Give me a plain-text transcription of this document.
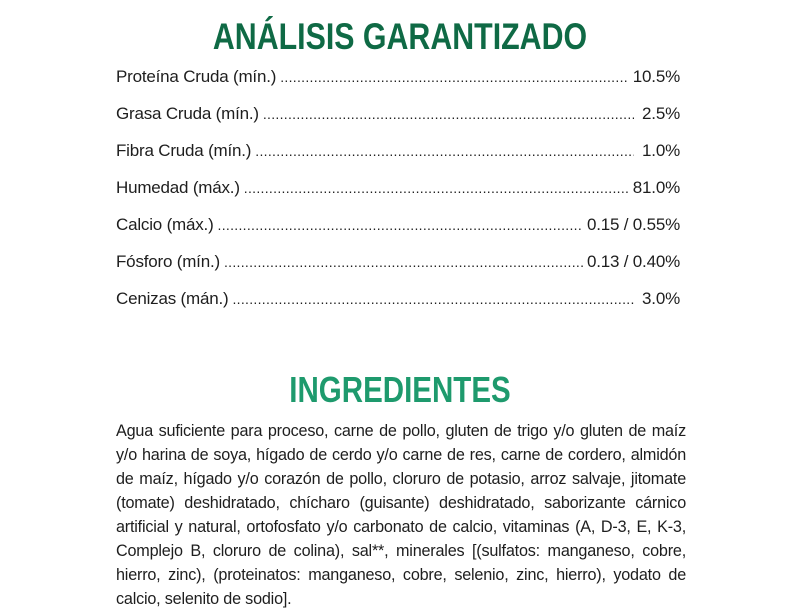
ANÁLISIS GARANTIZADO
Proteína Cruda (mín.) .....	10.5%
Grasa Cruda (mín.) .....	2.5%
Fibra Cruda (mín.) .....	1.0%
Humedad (máx.) .....	81.0%
Calcio (máx.) .....	0.15 / 0.55%
Fósforo (mín.) .....	0.13 / 0.40%
Cenizas (mán.) .....	3.0%
INGREDIENTES
Agua suficiente para proceso, carne de pollo, gluten de trigo y/o gluten de maíz y/o harina de soya, hígado de cerdo y/o carne de res, carne de cordero, almidón de maíz, hígado y/o corazón de pollo, cloruro de potasio, arroz salvaje, jitomate (tomate) deshidratado, chícharo (guisante) deshidratado, saborizante cárnico artificial y natural, ortofosfato y/o carbonato de calcio, vitaminas (A, D-3, E, K-3, Complejo B, cloruro de colina), sal**, minerales [(sulfatos: manganeso, cobre, hierro, zinc), (proteinatos: manganeso, cobre, selenio, zinc, hierro), yodato de calcio, selenito de sodio].
